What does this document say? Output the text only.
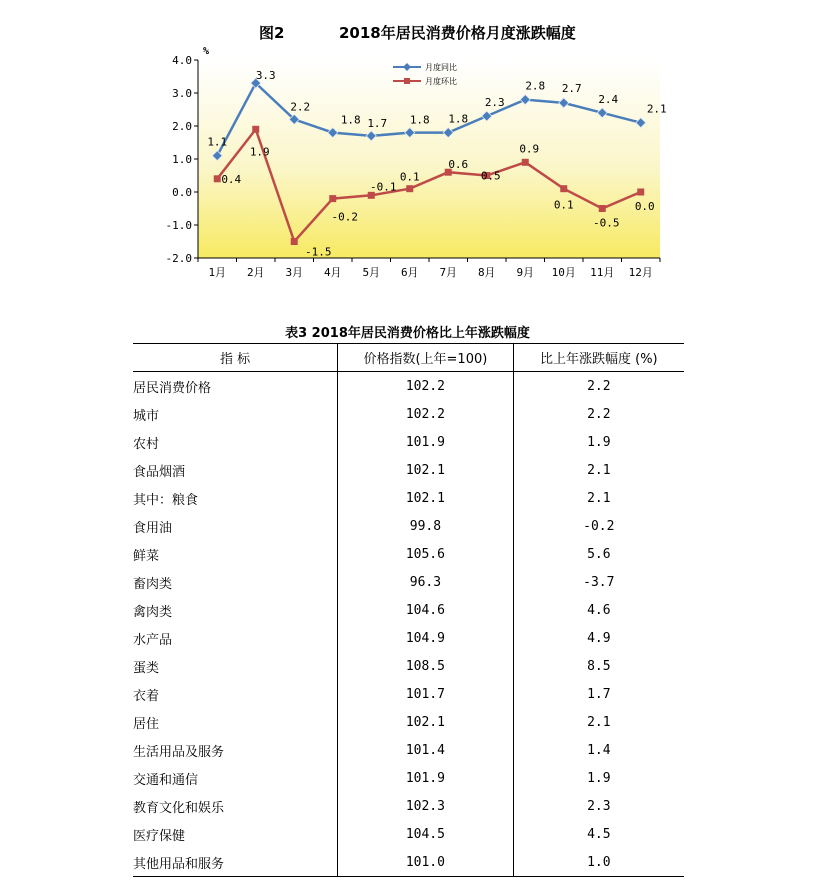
图2	2018年居民消费价格月度涨跌幅度
4.0
3.0
2.0
1.0
0.0
-1.0
-2.0
%
1月 2月 3月 4月 5月 6月 7月 8月 9月 10月 11月 12月
1.1
3.3
2.2
1.8 1.7 1.8 1.8
2.3
2.8 2.7
2.4
2.1
0.4
1.9
-1.5
-0.2
-0.1
0.1
0.6
0.5
0.9
0.1
-0.5
0.0
月度同比
月度环比
表3 2018年居民消费价格比上年涨跌幅度
指 标	价格指数(上年=100)	比上年涨跌幅度 (%)
居民消费价格	102.2	2.2
城市	102.2	2.2
农村	101.9	1.9
食品烟酒	102.1	2.1
其中：粮食	102.1	2.1
食用油	99.8	-0.2
鲜菜	105.6	5.6
畜肉类	96.3	-3.7
禽肉类	104.6	4.6
水产品	104.9	4.9
蛋类	108.5	8.5
衣着	101.7	1.7
居住	102.1	2.1
生活用品及服务	101.4	1.4
交通和通信	101.9	1.9
教育文化和娱乐	102.3	2.3
医疗保健	104.5	4.5
其他用品和服务	101.0	1.0
